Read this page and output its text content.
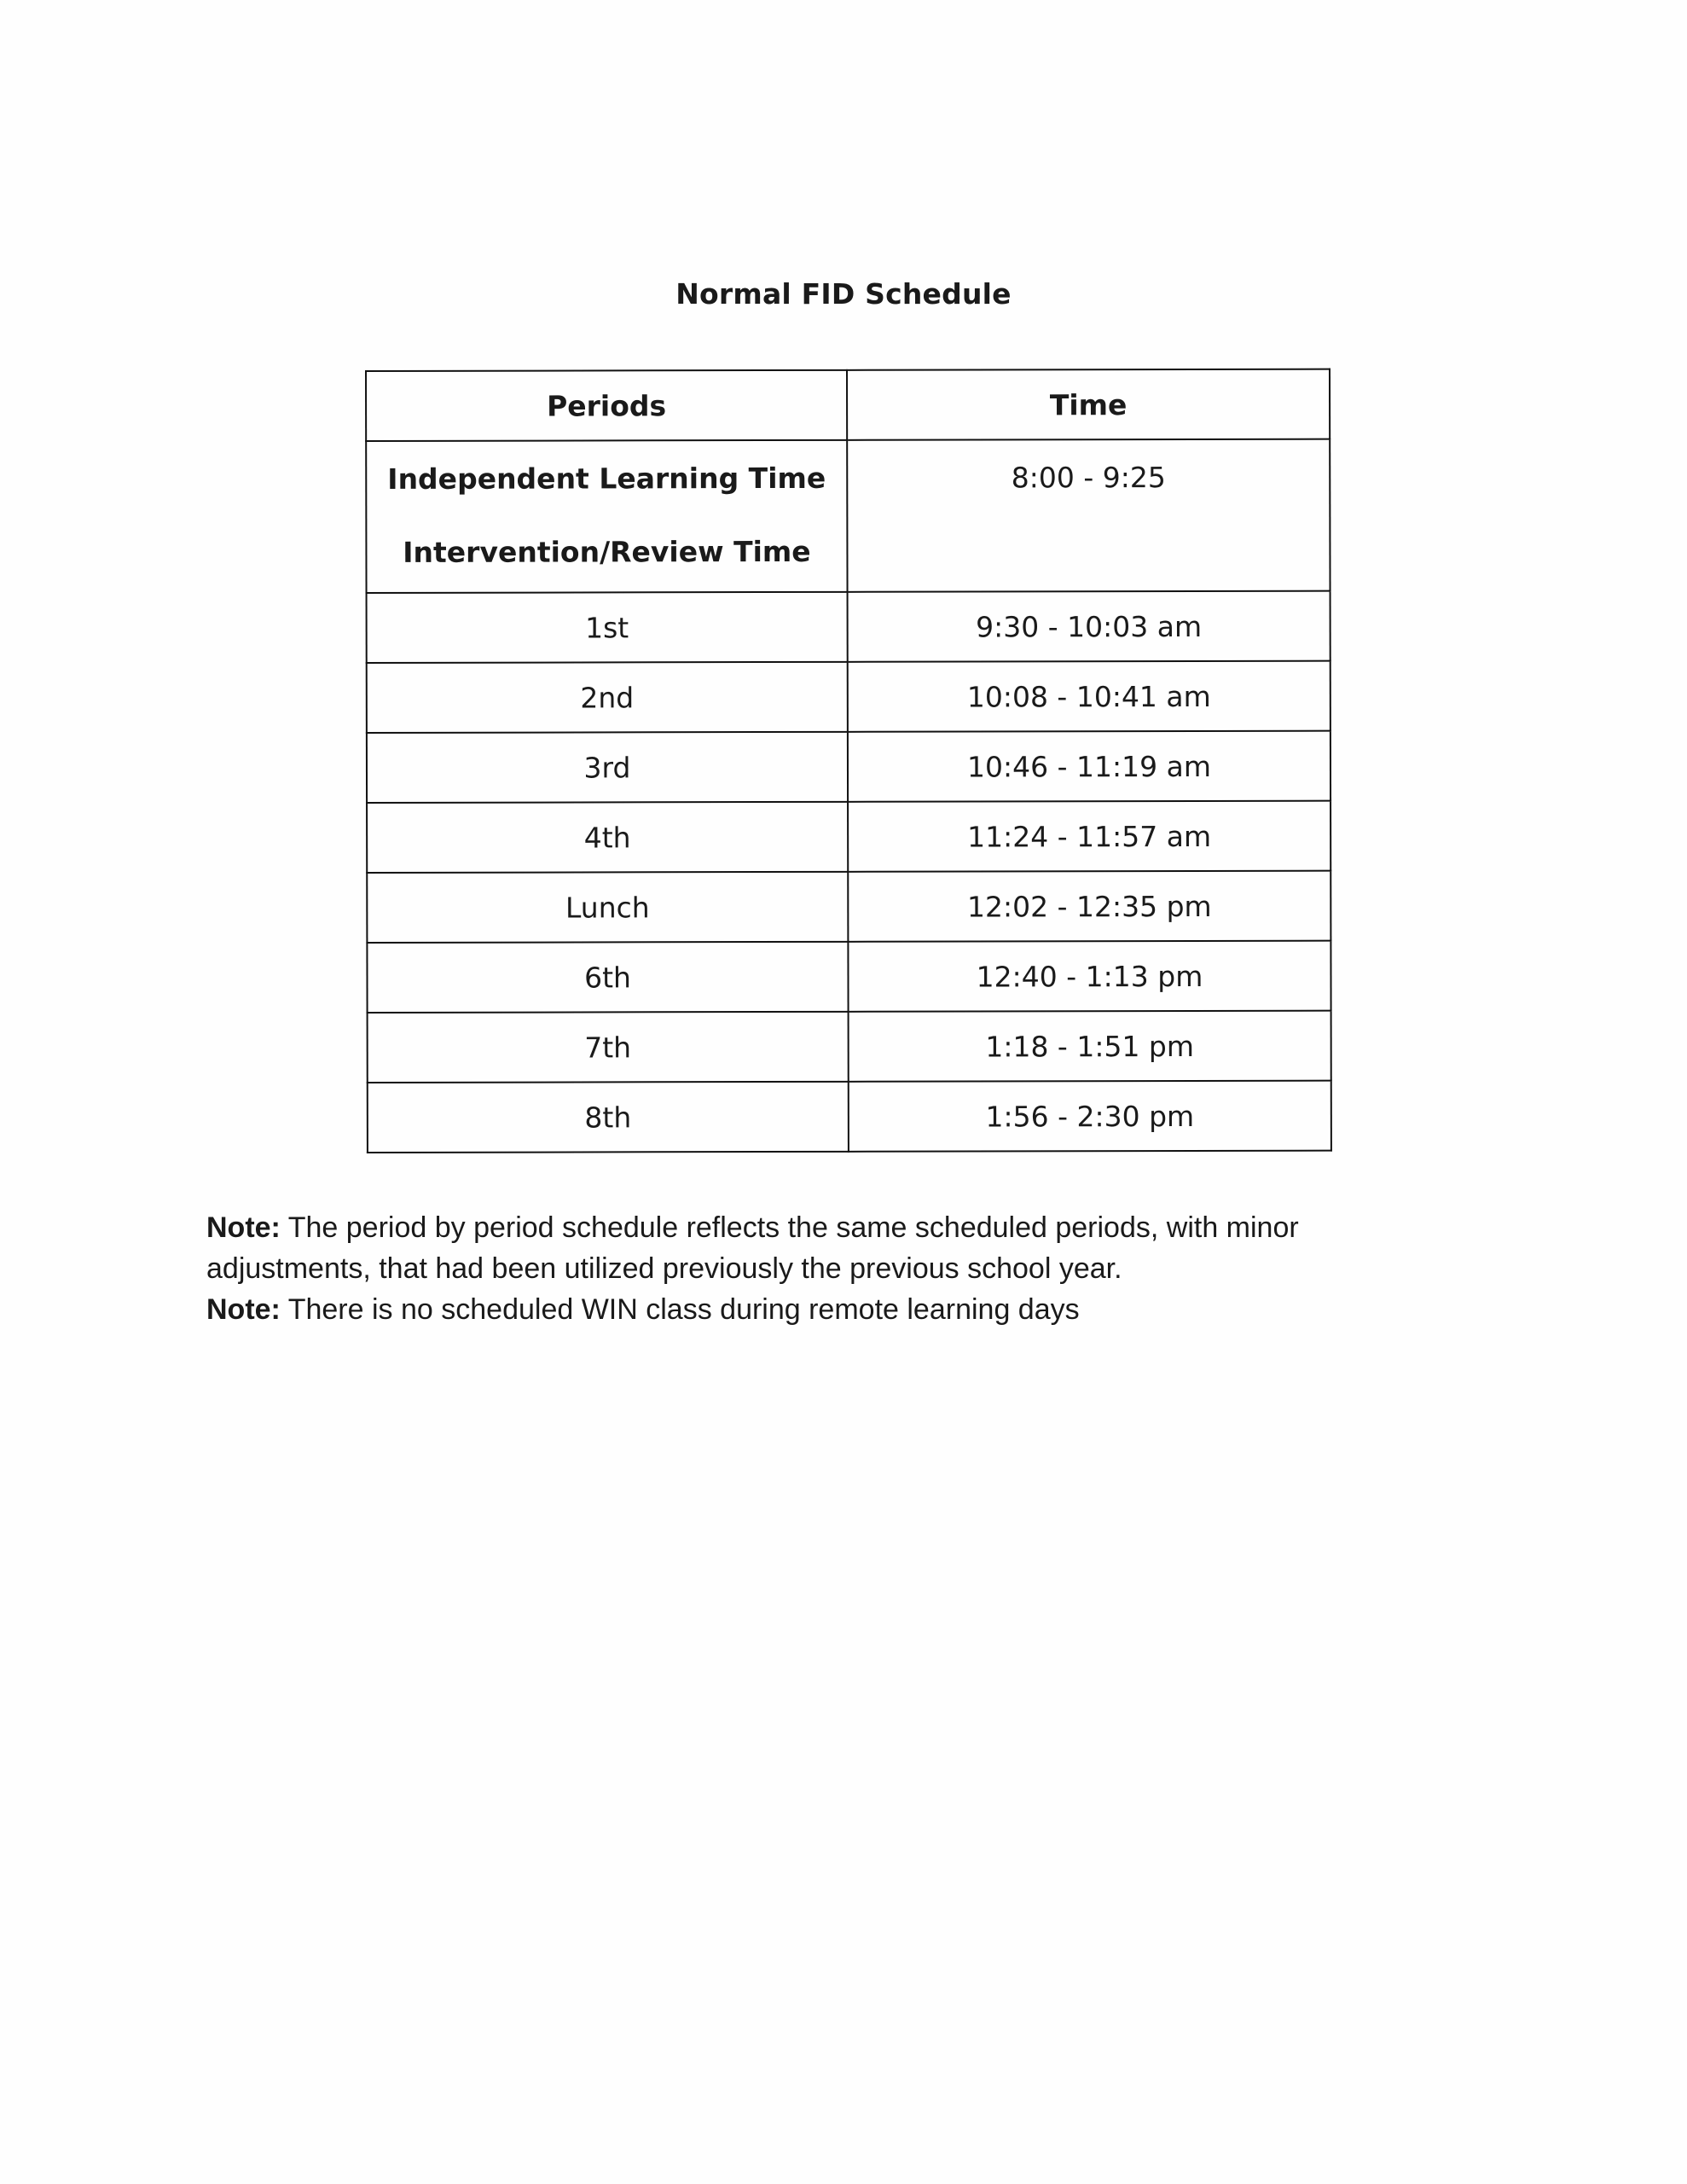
Normal FID Schedule
Periods	Time

Independent Learning Time
Intervention/Review Time	8:00 - 9:25
1st	9:30 - 10:03 am
2nd	10:08 - 10:41 am
3rd	10:46 - 11:19 am
4th	11:24 - 11:57 am
Lunch	12:02 - 12:35 pm
6th	12:40 - 1:13 pm
7th	1:18 - 1:51 pm
8th	1:56 - 2:30 pm
Note: The period by period schedule reflects the same scheduled periods, with minor adjustments, that had been utilized previously the previous school year.
Note: There is no scheduled WIN class during remote learning days
